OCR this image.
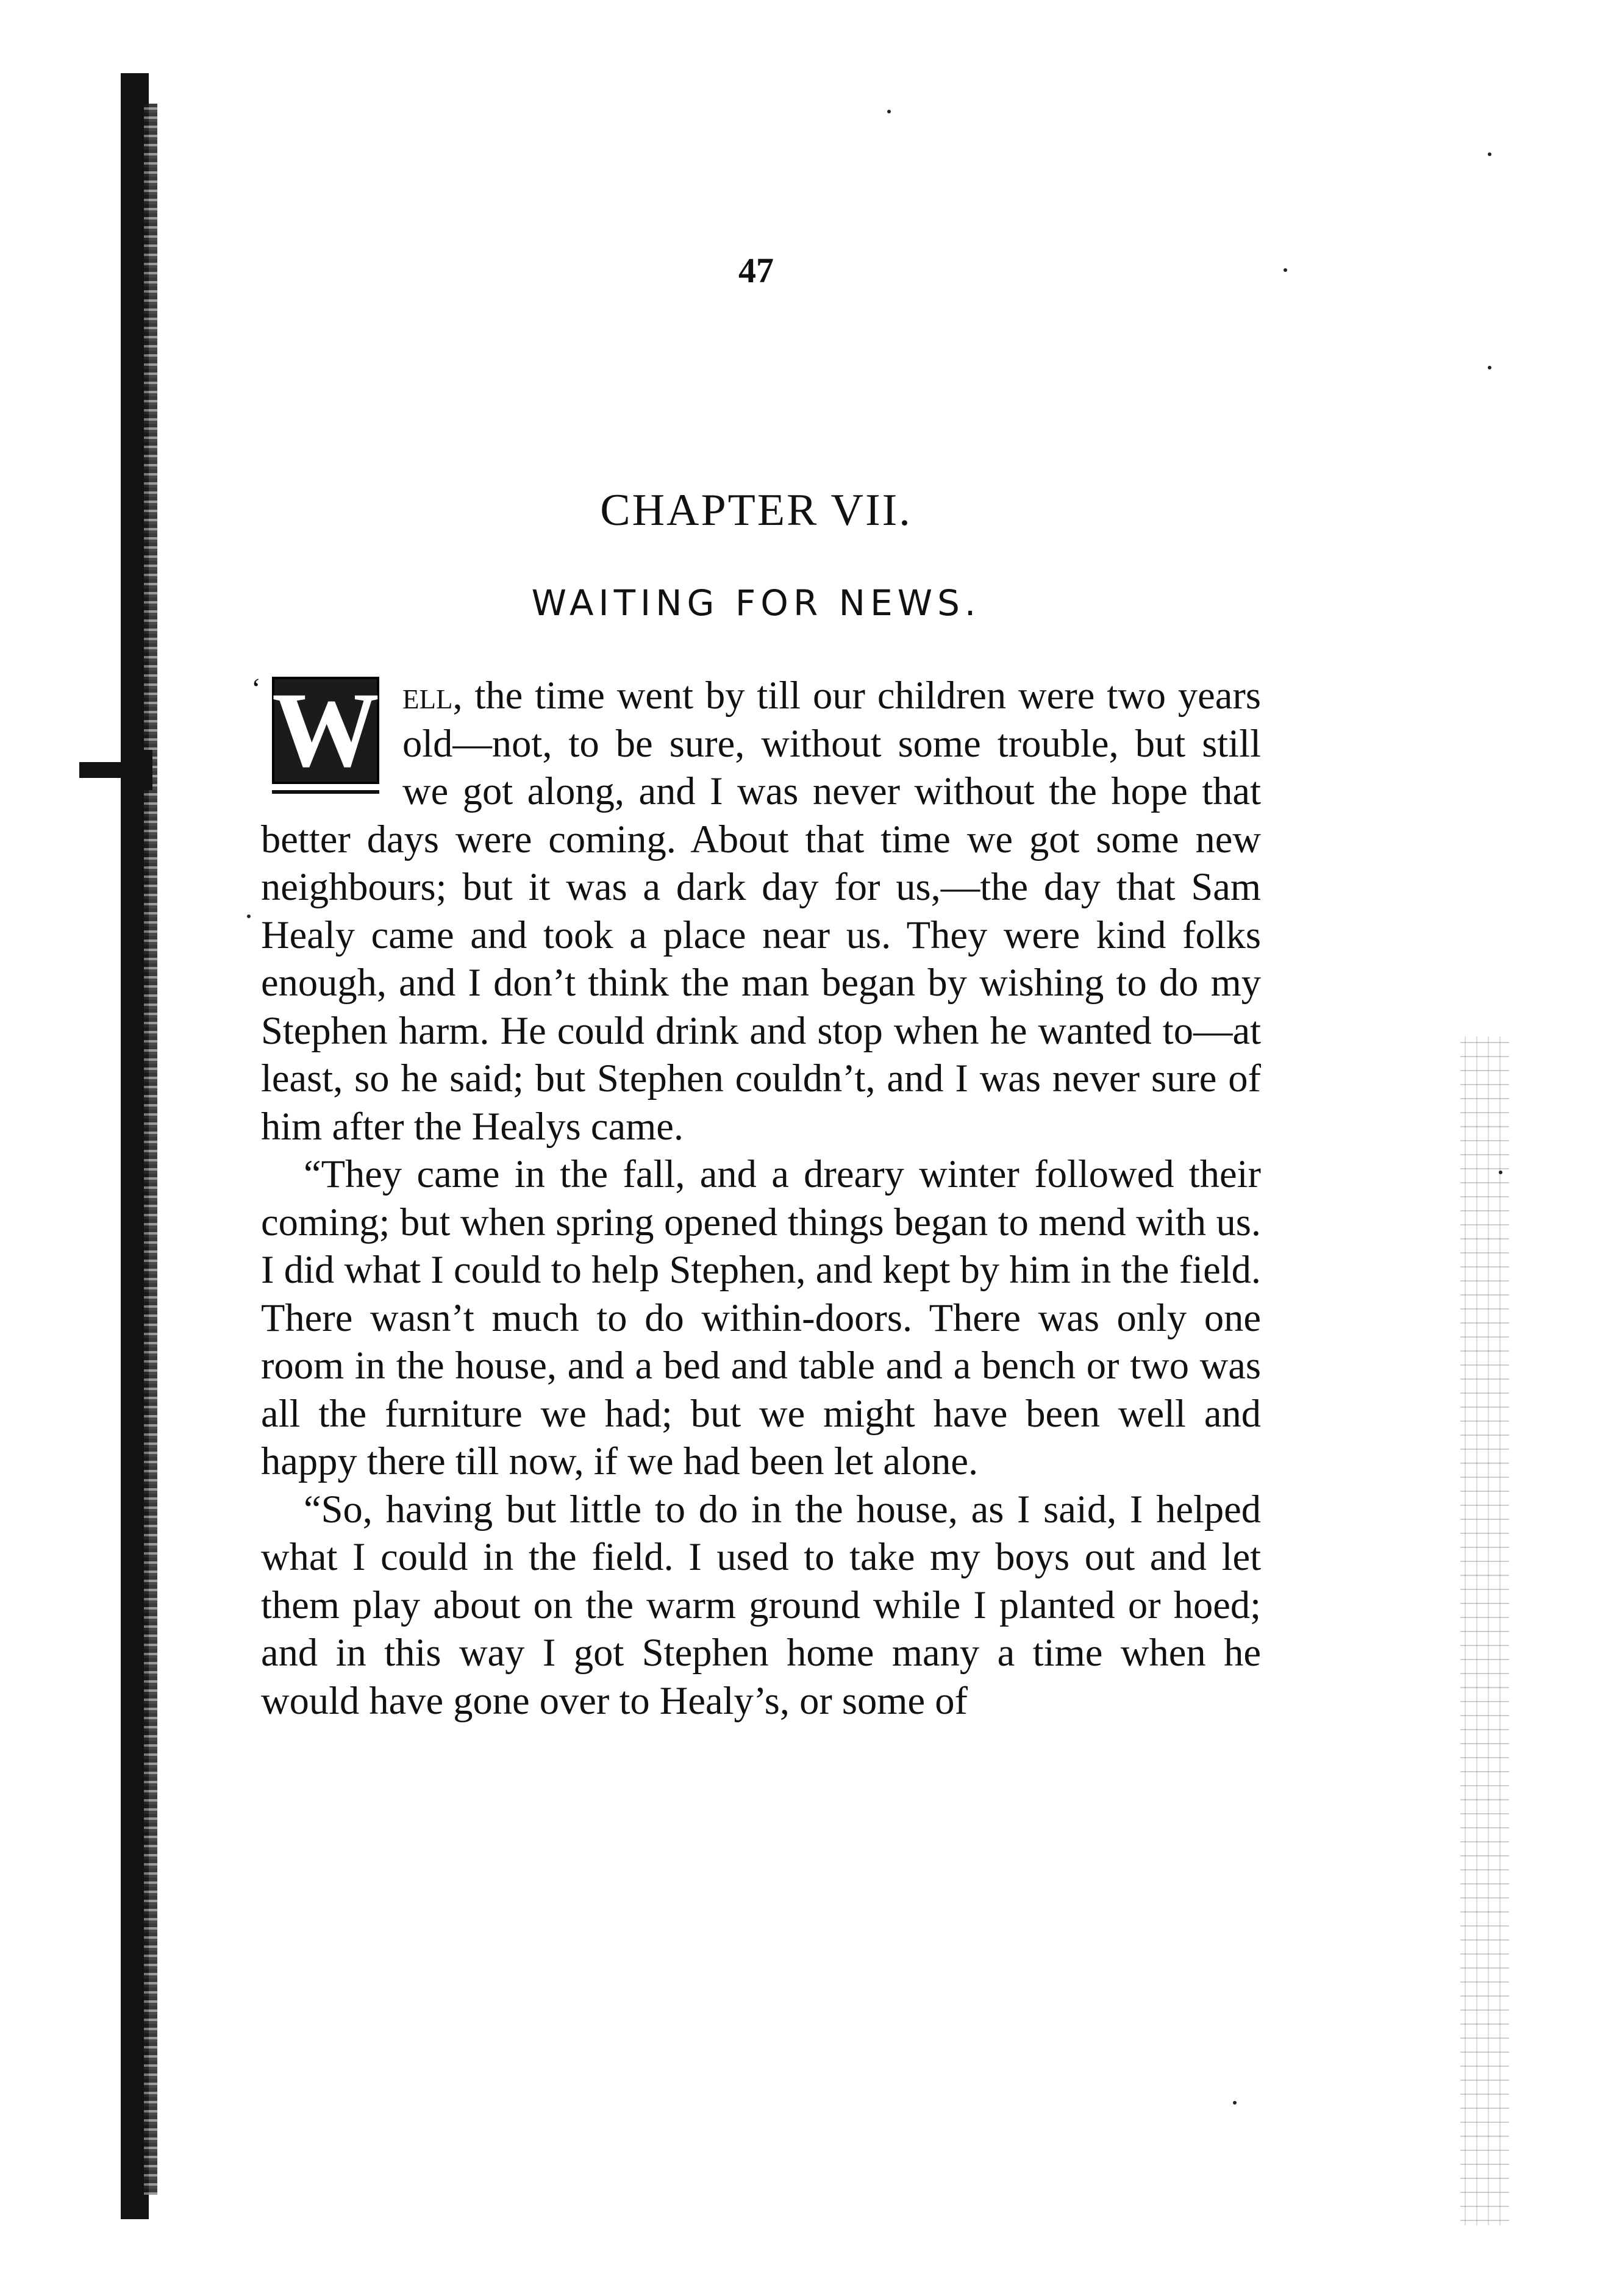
47
CHAPTER VII.
WAITING FOR NEWS.

‘ W ell, the time went by till our children were two years old—not, to be sure, without some trouble, but still we got along, and I was never without the hope that better days were coming. About that time we got some new neighbours; but it was a dark day for us,—the day that Sam Healy came and took a place near us. They were kind folks enough, and I don’t think the man began by wishing to do my Stephen harm. He could drink and stop when he wanted to—at least, so he said; but Stephen couldn’t, and I was never sure of him after the Healys came.

“They came in the fall, and a dreary winter followed their coming; but when spring opened things began to mend with us. I did what I could to help Stephen, and kept by him in the field. There wasn’t much to do within-doors. There was only one room in the house, and a bed and table and a bench or two was all the furniture we had; but we might have been well and happy there till now, if we had been let alone.

“So, having but little to do in the house, as I said, I helped what I could in the field. I used to take my boys out and let them play about on the warm ground while I planted or hoed; and in this way I got Stephen home many a time when he would have gone over to Healy’s, or some of
